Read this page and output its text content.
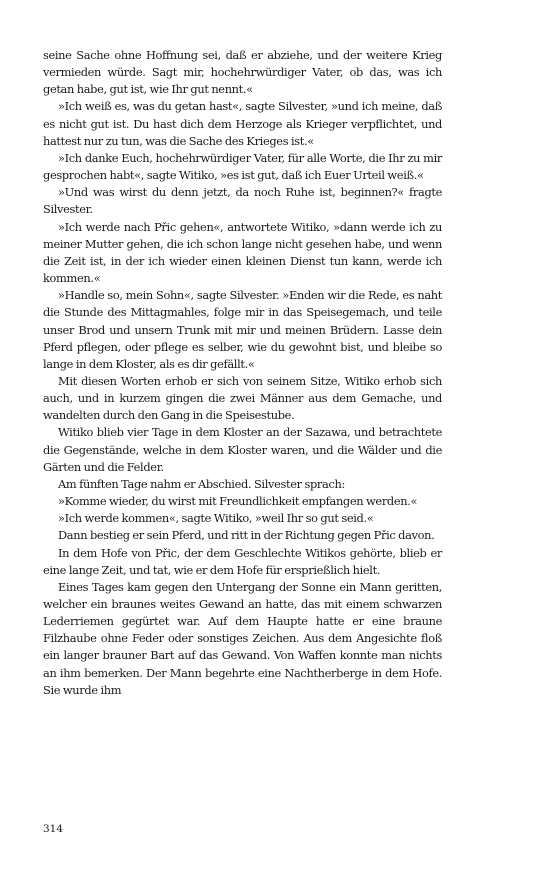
seine Sache ohne Hoffnung sei, daß er abziehe, und der weitere Krieg vermieden würde. Sagt mir, hochehrwürdiger Vater, ob das, was ich getan habe, gut ist, wie Ihr gut nennt.«

»Ich weiß es, was du getan hast«, sagte Silvester, »und ich meine, daß es nicht gut ist. Du hast dich dem Herzoge als Krieger verpflichtet, und hattest nur zu tun, was die Sache des Krieges ist.«

»Ich danke Euch, hochehrwürdiger Vater, für alle Worte, die Ihr zu mir gesprochen habt«, sagte Witiko, »es ist gut, daß ich Euer Urteil weiß.«

»Und was wirst du denn jetzt, da noch Ruhe ist, beginnen?« fragte Silvester.

»Ich werde nach Přic gehen«, antwortete Witiko, »dann werde ich zu meiner Mutter gehen, die ich schon lange nicht gesehen habe, und wenn die Zeit ist, in der ich wieder einen kleinen Dienst tun kann, werde ich kommen.«

»Handle so, mein Sohn«, sagte Silvester. »Enden wir die Rede, es naht die Stunde des Mittagmahles, folge mir in das Speisegemach, und teile unser Brod und unsern Trunk mit mir und meinen Brüdern. Lasse dein Pferd pflegen, oder pflege es selber, wie du gewohnt bist, und bleibe so lange in dem Kloster, als es dir gefällt.«

Mit diesen Worten erhob er sich von seinem Sitze, Witiko erhob sich auch, und in kurzem gingen die zwei Männer aus dem Gemache, und wandelten durch den Gang in die Speisestube.

Witiko blieb vier Tage in dem Kloster an der Sazawa, und betrachtete die Gegenstände, welche in dem Kloster waren, und die Wälder und die Gärten und die Felder.

Am fünften Tage nahm er Abschied. Silvester sprach:

»Komme wieder, du wirst mit Freundlichkeit empfangen werden.«

»Ich werde kommen«, sagte Witiko, »weil Ihr so gut seid.«

Dann bestieg er sein Pferd, und ritt in der Richtung gegen Přic davon.

In dem Hofe von Přic, der dem Geschlechte Witikos gehörte, blieb er eine lange Zeit, und tat, wie er dem Hofe für ersprießlich hielt.

Eines Tages kam gegen den Untergang der Sonne ein Mann geritten, welcher ein braunes weites Gewand an hatte, das mit einem schwarzen Lederriemen gegürtet war. Auf dem Haupte hatte er eine braune Filzhaube ohne Feder oder sonstiges Zeichen. Aus dem Angesichte floß ein langer brauner Bart auf das Gewand. Von Waffen konnte man nichts an ihm bemerken. Der Mann begehrte eine Nachtherberge in dem Hofe. Sie wurde ihm

314
